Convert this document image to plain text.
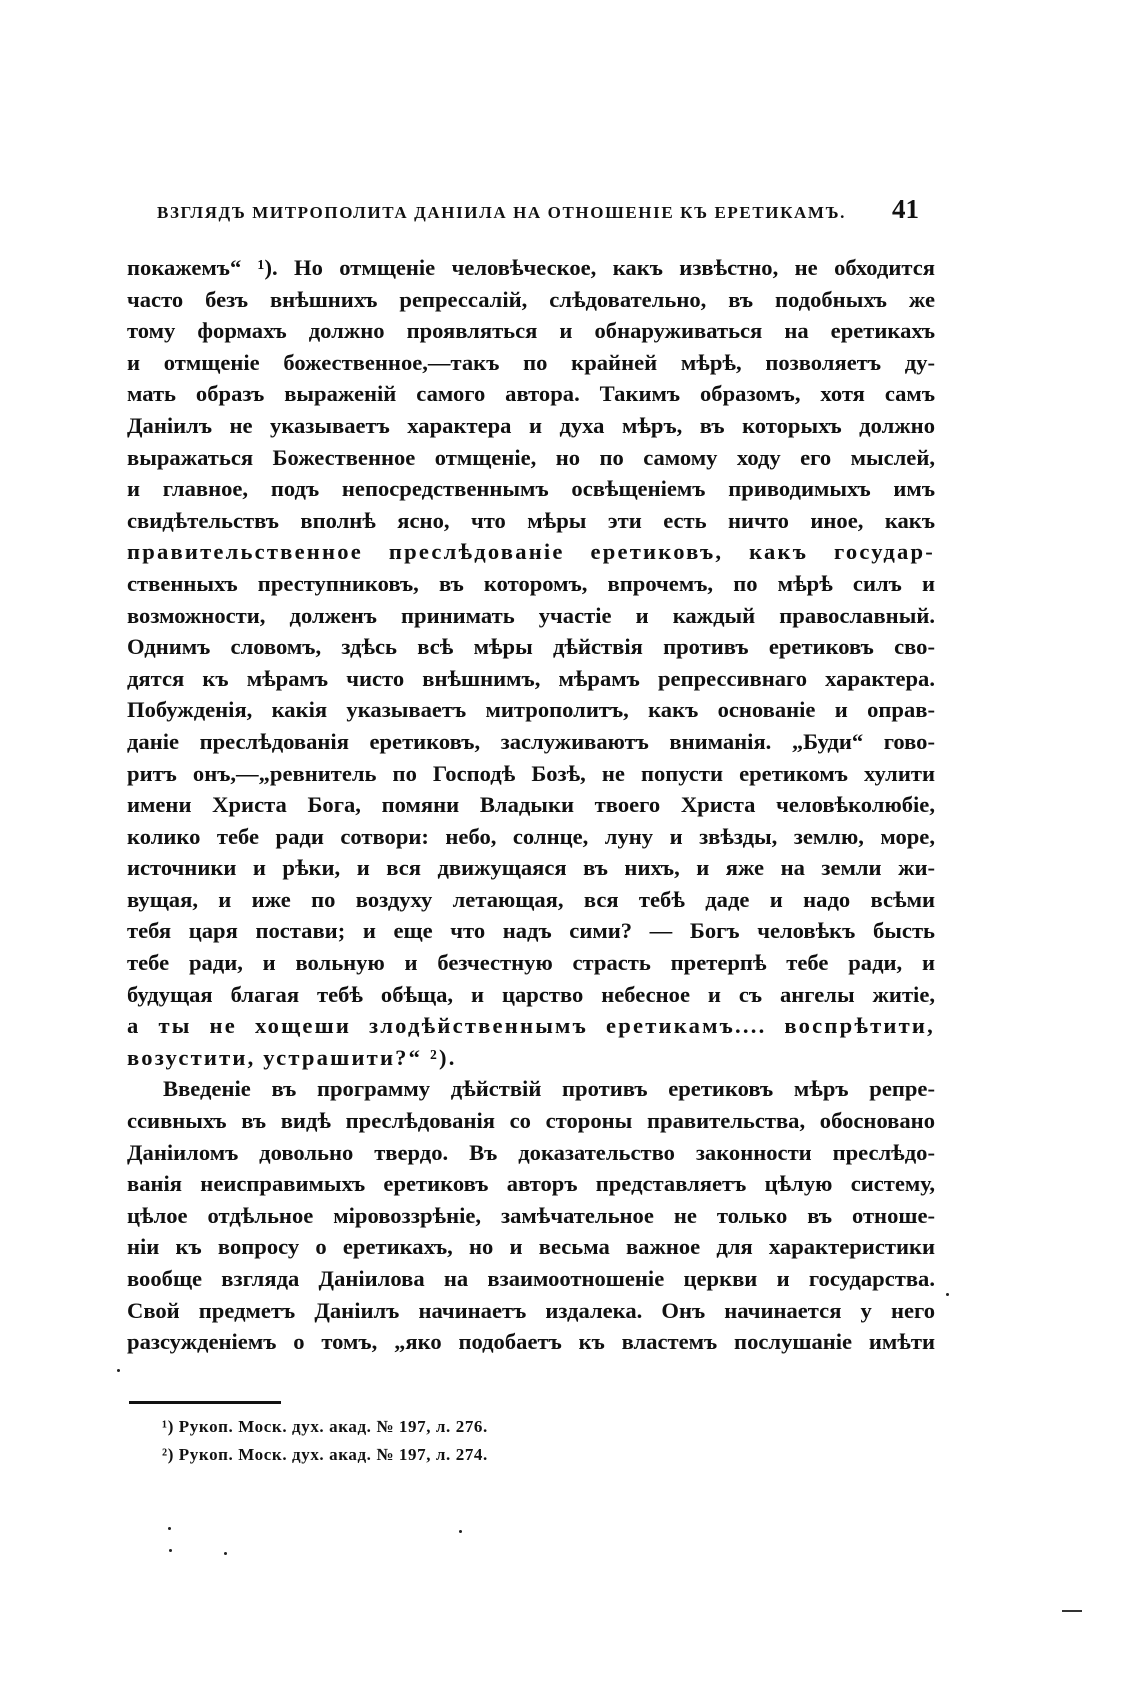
ВЗГЛЯДЪ МИТРОПОЛИТА ДАНІИЛА НА ОТНОШЕНІЕ КЪ ЕРЕТИКАМЪ. 41
покажемъ“ ¹). Но отмщеніе человѣческое, какъ извѣстно, не обходится
часто безъ внѣшнихъ репрессалій, слѣдовательно, въ подобныхъ же
тому формахъ должно проявляться и обнаруживаться на еретикахъ
и отмщеніе божественное,—такъ по крайней мѣрѣ, позволяетъ ду-
мать образъ выраженій самого автора. Такимъ образомъ, хотя самъ
Даніилъ не указываетъ характера и духа мѣръ, въ которыхъ должно
выражаться Божественное отмщеніе, но по самому ходу его мыслей,
и главное, подъ непосредственнымъ освѣщеніемъ приводимыхъ имъ
свидѣтельствъ вполнѣ ясно, что мѣры эти есть ничто иное, какъ
правительственное преслѣдованіе еретиковъ, какъ государ-
ственныхъ преступниковъ, въ которомъ, впрочемъ, по мѣрѣ силъ и
возможности, долженъ принимать участіе и каждый православный.
Однимъ словомъ, здѣсь всѣ мѣры дѣйствія противъ еретиковъ сво-
дятся къ мѣрамъ чисто внѣшнимъ, мѣрамъ репрессивнаго характера.
Побужденія, какія указываетъ митрополитъ, какъ основаніе и оправ-
даніе преслѣдованія еретиковъ, заслуживаютъ вниманія. „Буди“ гово-
ритъ онъ,—„ревнитель по Господѣ Бозѣ, не попусти еретикомъ хулити
имени Христа Бога, помяни Владыки твоего Христа человѣколюбіе,
колико тебе ради сотвори: небо, солнце, луну и звѣзды, землю, море,
источники и рѣки, и вся движущаяся въ нихъ, и яже на земли жи-
вущая, и иже по воздуху летающая, вся тебѣ даде и надо всѣми
тебя царя постави; и еще что надъ сими? — Богъ человѣкъ бысть
тебе ради, и вольную и безчестную страсть претерпѣ тебе ради, и
будущая благая тебѣ обѣща, и царство небесное и съ ангелы житіе,
а ты не хощеши злодѣйственнымъ еретикамъ.... воспрѣтити,
возустити, устрашити?“ ²).
Введеніе въ программу дѣйствій противъ еретиковъ мѣръ репре-
ссивныхъ въ видѣ преслѣдованія со стороны правительства, обосновано
Даніиломъ довольно твердо. Въ доказательство законности преслѣдо-
ванія неисправимыхъ еретиковъ авторъ представляетъ цѣлую систему,
цѣлое отдѣльное міровоззрѣніе, замѣчательное не только въ отноше-
ніи къ вопросу о еретикахъ, но и весьма важное для характеристики
вообще взгляда Даніилова на взаимоотношеніе церкви и государства.
Свой предметъ Даніилъ начинаетъ издалека. Онъ начинается у него
разсужденіемъ о томъ, „яко подобаетъ къ властемъ послушаніе имѣти
¹) Рукоп. Моск. дух. акад. № 197, л. 276.
²) Рукоп. Моск. дух. акад. № 197, л. 274.
